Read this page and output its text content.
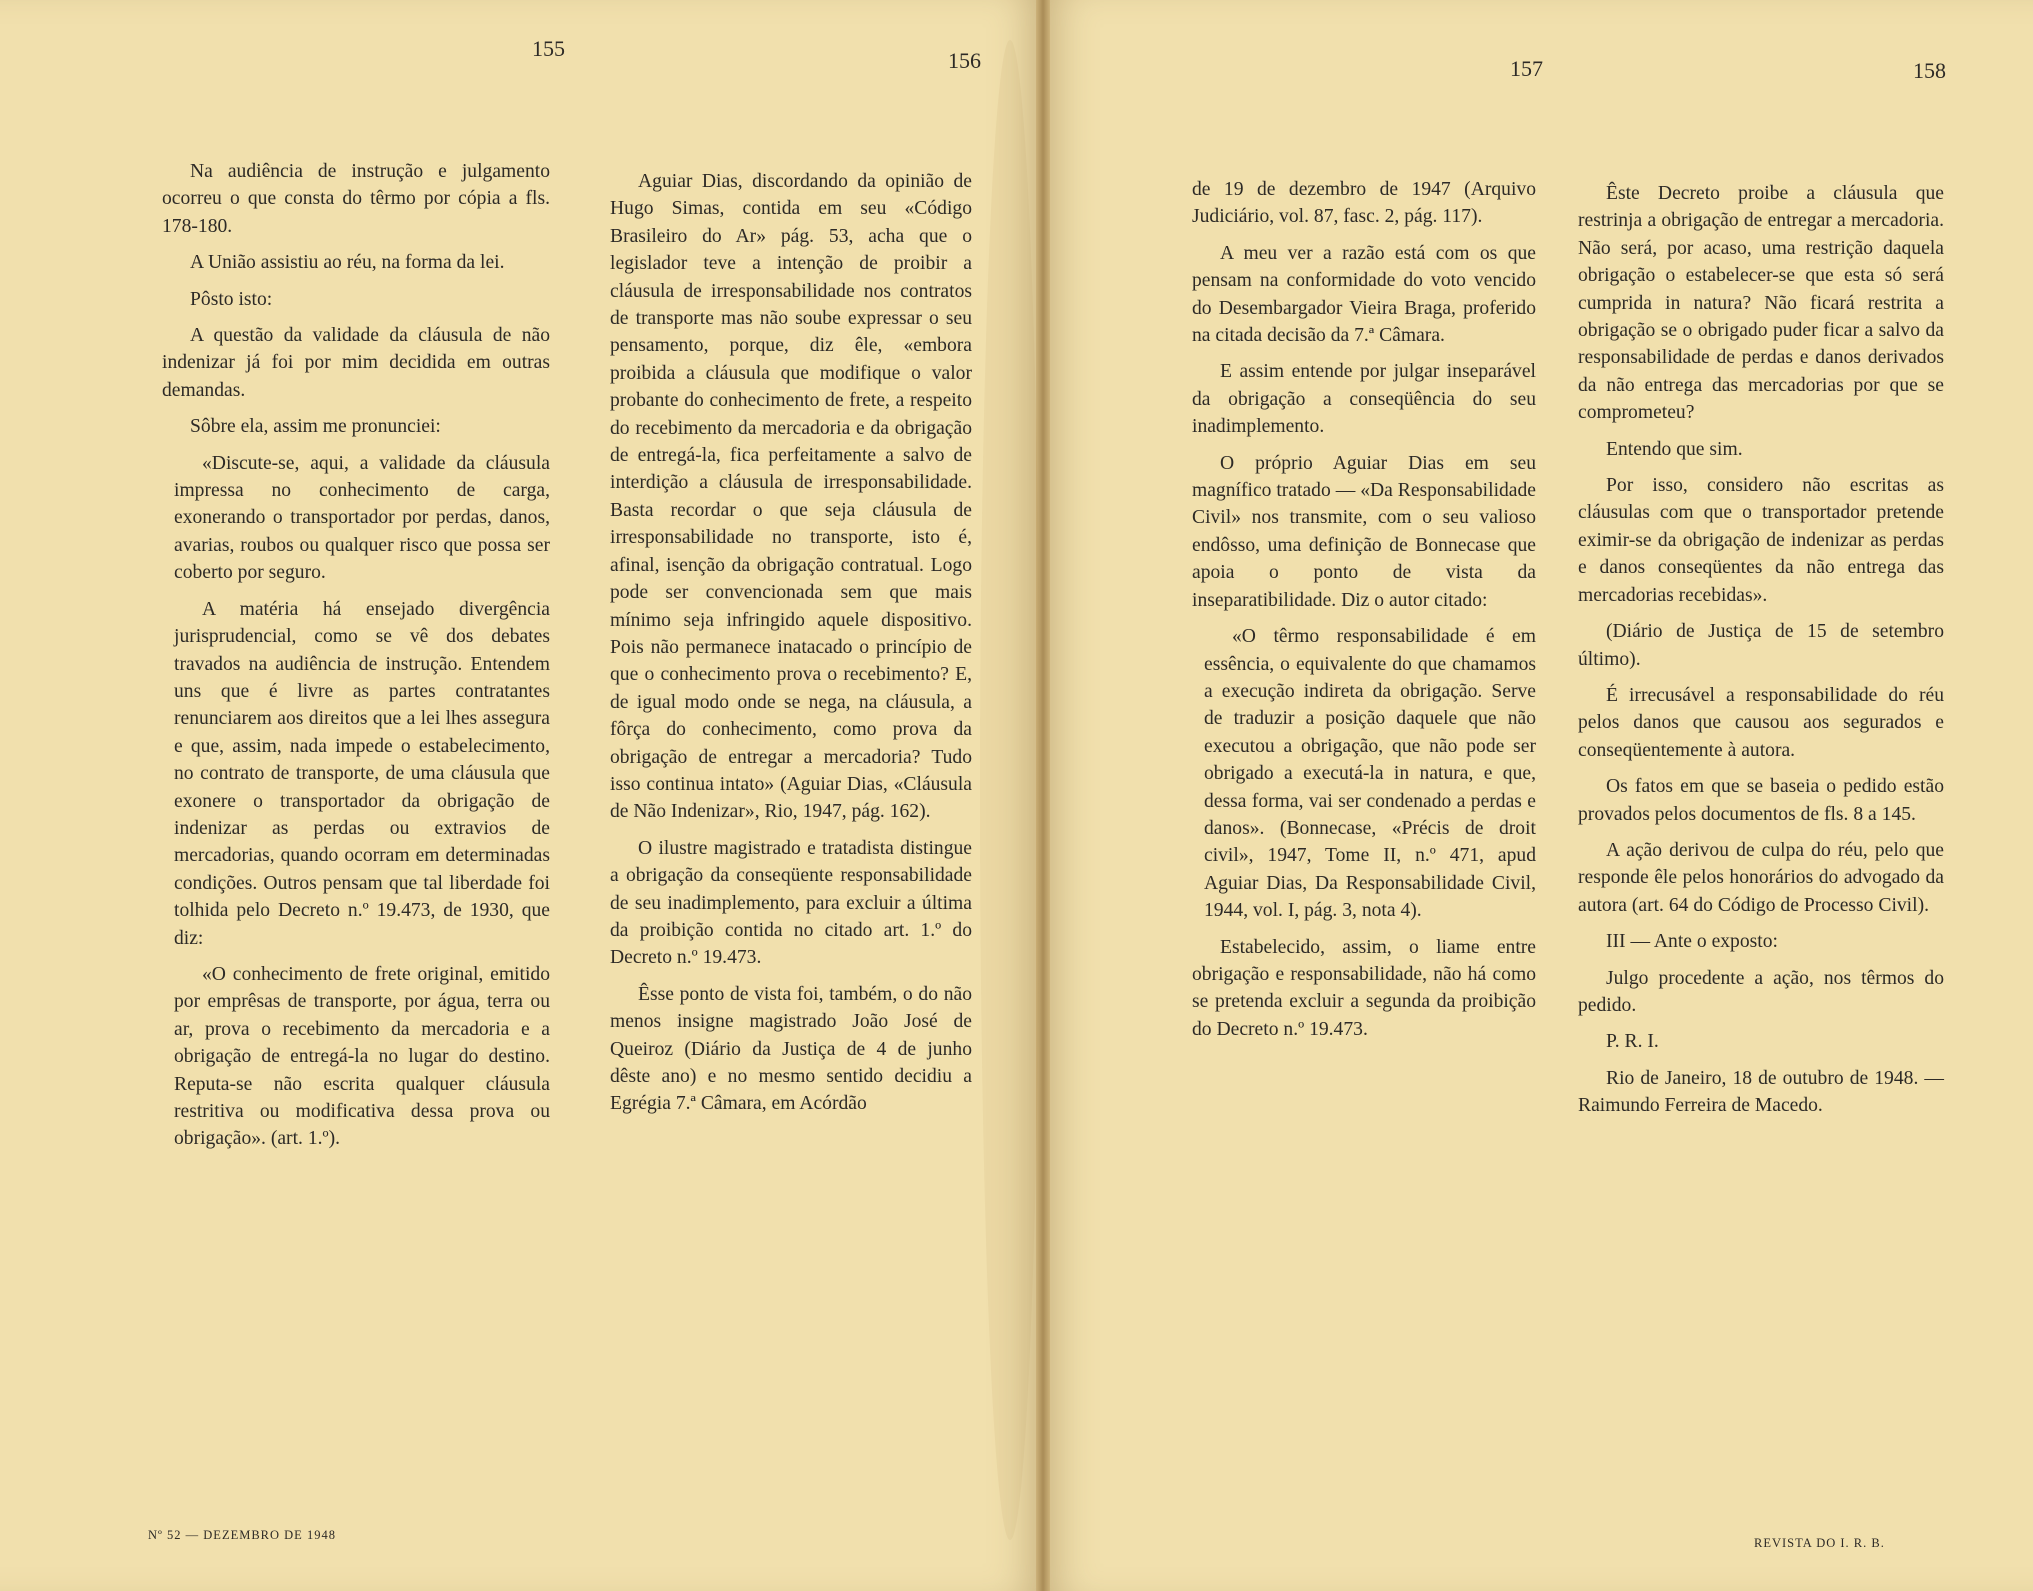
155	156	157	158

Na audiência de instrução e julgamento ocorreu o que consta do têrmo por cópia a fls. 178-180.

A União assistiu ao réu, na forma da lei.

Pôsto isto:

A questão da validade da cláusula de não indenizar já foi por mim decidida em outras demandas.

Sôbre ela, assim me pronunciei:

«Discute-se, aqui, a validade da cláusula impressa no conhecimento de carga, exonerando o transportador por perdas, danos, avarias, roubos ou qualquer risco que possa ser coberto por seguro.

A matéria há ensejado divergência jurisprudencial, como se vê dos debates travados na audiência de instrução. Entendem uns que é livre as partes contratantes renunciarem aos direitos que a lei lhes assegura e que, assim, nada impede o estabelecimento, no contrato de transporte, de uma cláusula que exonere o transportador da obrigação de indenizar as perdas ou extravios de mercadorias, quando ocorram em determinadas condições. Outros pensam que tal liberdade foi tolhida pelo Decreto n.º 19.473, de 1930, que diz:

«O conhecimento de frete original, emitido por emprêsas de transporte, por água, terra ou ar, prova o recebimento da mercadoria e a obrigação de entregá-la no lugar do destino. Reputa-se não escrita qualquer cláusula restritiva ou modificativa dessa prova ou obrigação». (art. 1.º).

Aguiar Dias, discordando da opinião de Hugo Simas, contida em seu «Código Brasileiro do Ar» pág. 53, acha que o legislador teve a intenção de proibir a cláusula de irresponsabilidade nos contratos de transporte mas não soube expressar o seu pensamento, porque, diz êle, «embora proibida a cláusula que modifique o valor probante do conhecimento de frete, a respeito do recebimento da mercadoria e da obrigação de entregá-la, fica perfeitamente a salvo de interdição a cláusula de irresponsabilidade. Basta recordar o que seja cláusula de irresponsabilidade no transporte, isto é, afinal, isenção da obrigação contratual. Logo pode ser convencionada sem que mais mínimo seja infringido aquele dispositivo. Pois não permanece inatacado o princípio de que o conhecimento prova o recebimento? E, de igual modo onde se nega, na cláusula, a fôrça do conhecimento, como prova da obrigação de entregar a mercadoria? Tudo isso continua intato» (Aguiar Dias, «Cláusula de Não Indenizar», Rio, 1947, pág. 162).

O ilustre magistrado e tratadista distingue a obrigação da conseqüente responsabilidade de seu inadimplemento, para excluir a última da proibição contida no citado art. 1.º do Decreto n.º 19.473.

Êsse ponto de vista foi, também, o do não menos insigne magistrado João José de Queiroz (Diário da Justiça de 4 de junho dêste ano) e no mesmo sentido decidiu a Egrégia 7.ª Câmara, em Acórdão

de 19 de dezembro de 1947 (Arquivo Judiciário, vol. 87, fasc. 2, pág. 117).

A meu ver a razão está com os que pensam na conformidade do voto vencido do Desembargador Vieira Braga, proferido na citada decisão da 7.ª Câmara.

E assim entende por julgar inseparável da obrigação a conseqüência do seu inadimplemento.

O próprio Aguiar Dias em seu magnífico tratado — «Da Responsabilidade Civil» nos transmite, com o seu valioso endôsso, uma definição de Bonnecase que apoia o ponto de vista da inseparatibilidade. Diz o autor citado:

«O têrmo responsabilidade é em essência, o equivalente do que chamamos a execução indireta da obrigação. Serve de traduzir a posição daquele que não executou a obrigação, que não pode ser obrigado a executá-la in natura, e que, dessa forma, vai ser condenado a perdas e danos». (Bonnecase, «Précis de droit civil», 1947, Tome II, n.º 471, apud Aguiar Dias, Da Responsabilidade Civil, 1944, vol. I, pág. 3, nota 4).

Estabelecido, assim, o liame entre obrigação e responsabilidade, não há como se pretenda excluir a segunda da proibição do Decreto n.º 19.473.

Êste Decreto proibe a cláusula que restrinja a obrigação de entregar a mercadoria. Não será, por acaso, uma restrição daquela obrigação o estabelecer-se que esta só será cumprida in natura? Não ficará restrita a obrigação se o obrigado puder ficar a salvo da responsabilidade de perdas e danos derivados da não entrega das mercadorias por que se comprometeu?

Entendo que sim.

Por isso, considero não escritas as cláusulas com que o transportador pretende eximir-se da obrigação de indenizar as perdas e danos conseqüentes da não entrega das mercadorias recebidas».

(Diário de Justiça de 15 de setembro último).

É irrecusável a responsabilidade do réu pelos danos que causou aos segurados e conseqüentemente à autora.

Os fatos em que se baseia o pedido estão provados pelos documentos de fls. 8 a 145.

A ação derivou de culpa do réu, pelo que responde êle pelos honorários do advogado da autora (art. 64 do Código de Processo Civil).

III — Ante o exposto:

Julgo procedente a ação, nos têrmos do pedido.

P. R. I.

Rio de Janeiro, 18 de outubro de 1948. — Raimundo Ferreira de Macedo.

Nº 52 — DEZEMBRO DE 1948
REVISTA DO I. R. B.
